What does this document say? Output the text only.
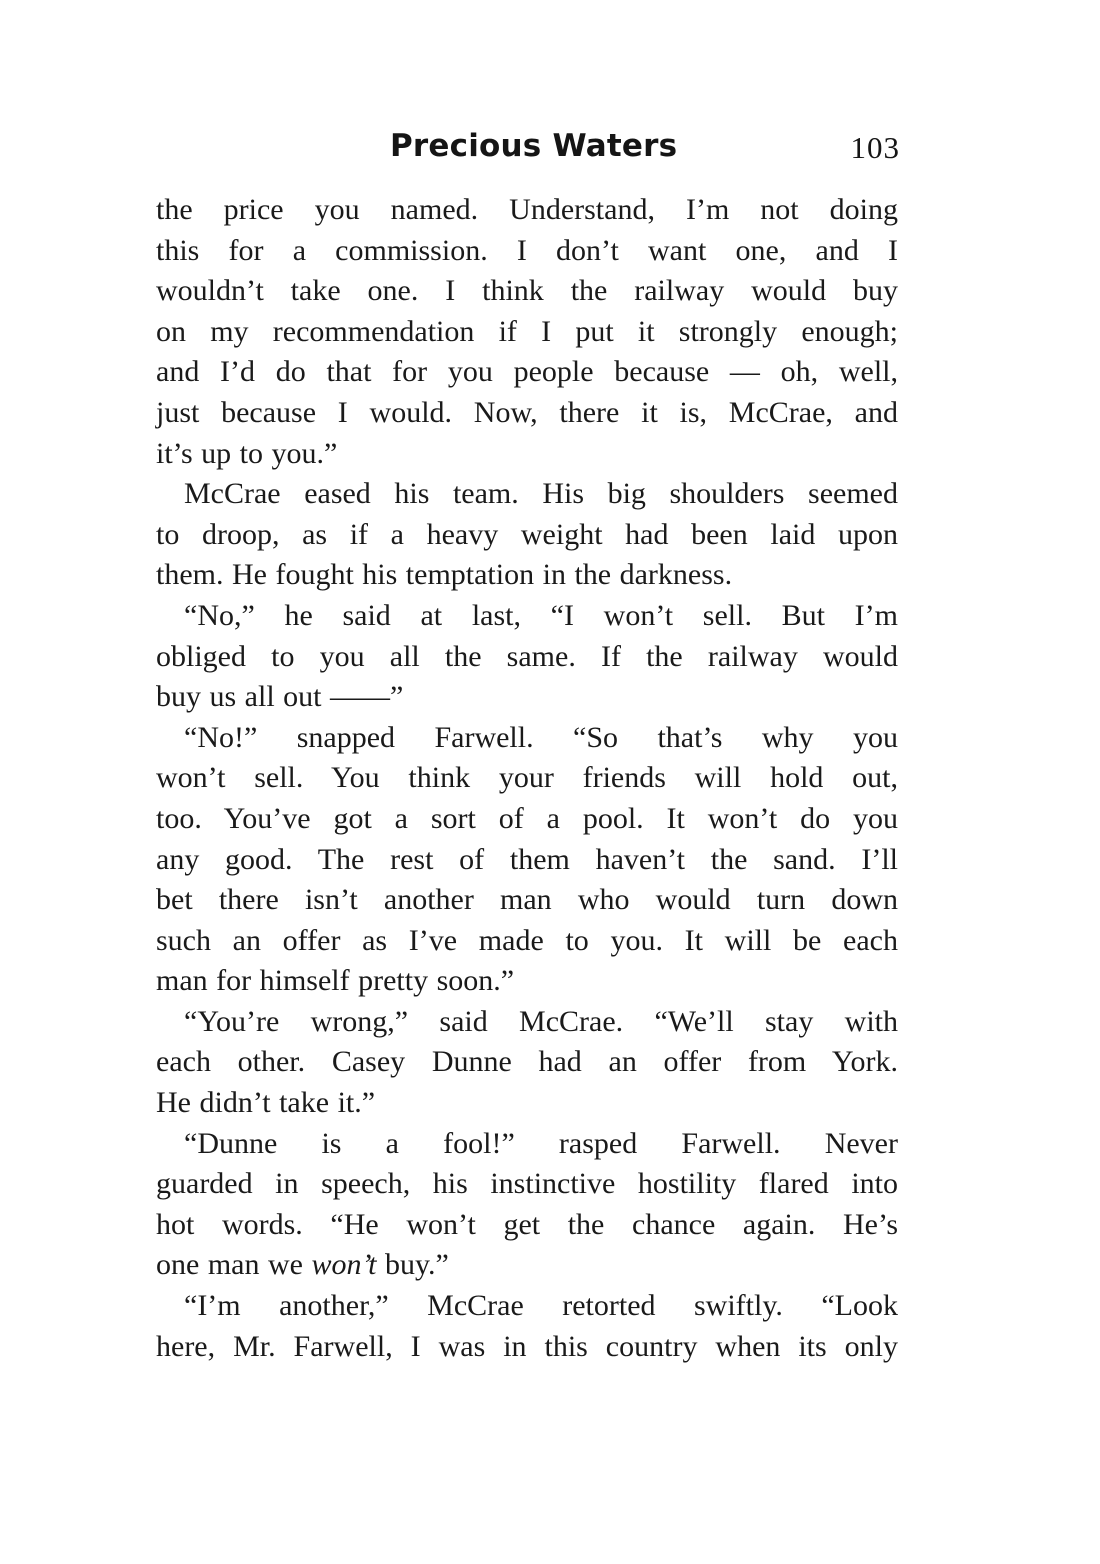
Precious Waters	103
the price you named. Understand, I’m not doing
this for a commission. I don’t want one, and I
wouldn’t take one. I think the railway would buy
on my recommendation if I put it strongly enough;
and I’d do that for you people because — oh, well,
just because I would. Now, there it is, McCrae, and
it’s up to you.”
McCrae eased his team. His big shoulders seemed
to droop, as if a heavy weight had been laid upon
them. He fought his temptation in the darkness.
“No,” he said at last, “I won’t sell. But I’m
obliged to you all the same. If the railway would
buy us all out ——”
“No!” snapped Farwell. “So that’s why you
won’t sell. You think your friends will hold out,
too. You’ve got a sort of a pool. It won’t do you
any good. The rest of them haven’t the sand. I’ll
bet there isn’t another man who would turn down
such an offer as I’ve made to you. It will be each
man for himself pretty soon.”
“You’re wrong,” said McCrae. “We’ll stay with
each other. Casey Dunne had an offer from York.
He didn’t take it.”
“Dunne is a fool!” rasped Farwell. Never
guarded in speech, his instinctive hostility flared into
hot words. “He won’t get the chance again. He’s
one man we won’t buy.”
“I’m another,” McCrae retorted swiftly. “Look
here, Mr. Farwell, I was in this country when its only
